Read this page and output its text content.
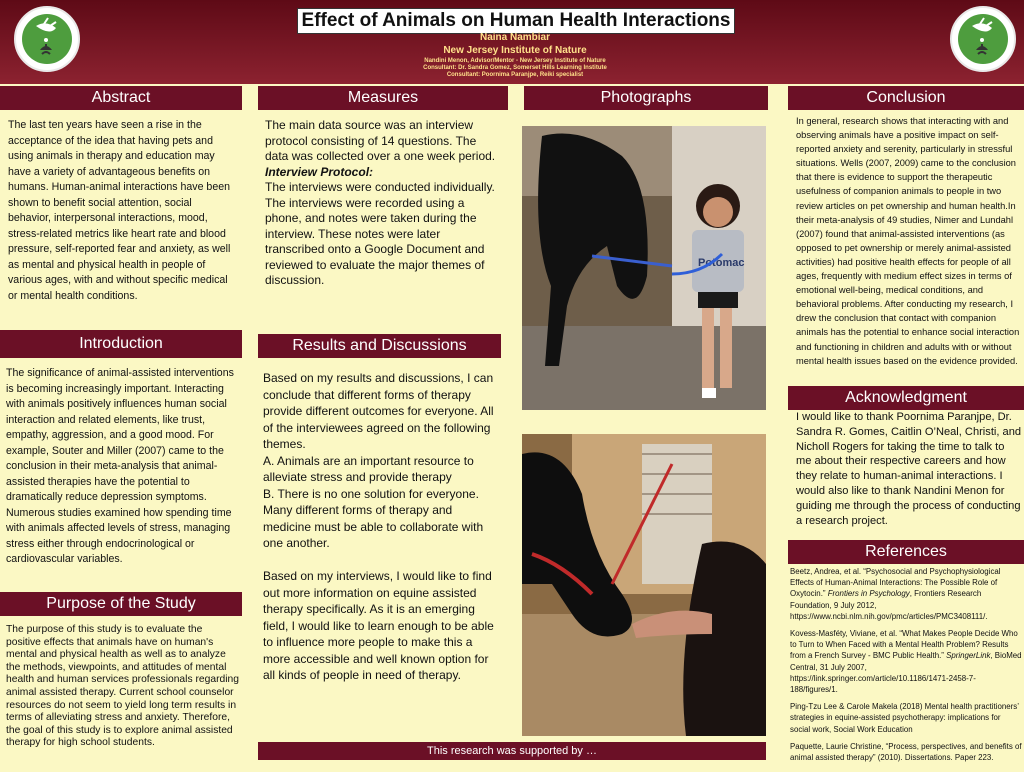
Effect of Animals on Human Health Interactions
Naina Nambiar
New Jersey Institute of Nature
Nandini Menon, Advisor/Mentor - New Jersey Institute of Nature
Consultant: Dr. Sandra Gomez, Somerset Hills Learning Institute
Consultant: Poornima Paranjpe, Reiki specialist
Abstract
The last ten years have seen a rise in the acceptance of the idea that having pets and using animals in therapy and education may have a variety of advantageous benefits on humans. Human-animal interactions have been shown to benefit social attention, social behavior, interpersonal interactions, mood, stress-related metrics like heart rate and blood pressure, self-reported fear and anxiety, as well as mental and physical health in people of various ages, with and without specific medical or mental health conditions.
Introduction
The significance of animal-assisted interventions is becoming increasingly important. Interacting with animals positively influences human social interaction and related elements, like trust, empathy, aggression, and a good mood. For example, Souter and Miller (2007) came to the conclusion in their meta-analysis that animal-assisted therapies have the potential to dramatically reduce depression symptoms. Numerous studies examined how spending time with animals affected levels of stress, managing stress either through endocrinological or cardiovascular variables.
Purpose of the Study
The purpose of this study is to evaluate the positive effects that animals have on human's mental and physical health as well as to analyze the methods, viewpoints, and attitudes of mental health and human services professionals regarding animal assisted therapy. Current school counselor resources do not seem to yield long term results in terms of alleviating stress and anxiety. Therefore, the goal of this study is to explore animal assisted therapy for high school students.
Measures
The main data source was an interview protocol consisting of 14 questions. The data was collected over a one week period.
Interview Protocol:
The interviews were conducted individually. The interviews were recorded using a phone, and notes were taken during the interview. These notes were later transcribed onto a Google Document and reviewed to evaluate the major themes of discussion.
Results and Discussions
Based on my results and discussions, I can conclude that different forms of therapy provide different outcomes for everyone. All of the interviewees agreed on the following themes.
A. Animals are an important resource to alleviate stress and provide therapy
B. There is no one solution for everyone. Many different forms of therapy and medicine must be able to collaborate with one another.

Based on my interviews, I would like to find out more information on equine assisted therapy specifically. As it is an emerging field, I would like to learn enough to be able to influence more people to make this a more accessible and well known option for all kinds of people in need of therapy.
This research was supported by …
Photographs
Potomac
Conclusion
In general, research shows that interacting with and observing animals have a positive impact on self-reported anxiety and serenity, particularly in stressful situations. Wells (2007, 2009) came to the conclusion that there is evidence to support the therapeutic usefulness of companion animals to people in two review articles on pet ownership and human health.In their meta-analysis of 49 studies, Nimer and Lundahl (2007) found that animal-assisted interventions (as opposed to pet ownership or merely animal-assisted activities) had positive health effects for people of all ages, frequently with medium effect sizes in terms of emotional well-being, medical conditions, and behavioral problems. After conducting my research, I drew the conclusion that contact with companion animals has the potential to enhance social interaction and functioning in children and adults with or without mental health issues based on the evidence provided.
Acknowledgment
I would like to thank Poornima Paranjpe, Dr. Sandra R. Gomes, Caitlin O’Neal, Christi, and Nicholl Rogers for taking the time to talk to me about their respective careers and how they relate to human-animal interactions. I would also like to thank Nandini Menon for guiding me through the process of conducting a research project.
References

Beetz, Andrea, et al. “Psychosocial and Psychophysiological Effects of Human-Animal Interactions: The Possible Role of Oxytocin.” Frontiers in Psychology, Frontiers Research Foundation, 9 July 2012, https://www.ncbi.nlm.nih.gov/pmc/articles/PMC3408111/.

Kovess-Masféty, Viviane, et al. “What Makes People Decide Who to Turn to When Faced with a Mental Health Problem? Results from a French Survey - BMC Public Health.” SpringerLink, BioMed Central, 31 July 2007, https://link.springer.com/article/10.1186/1471-2458-7-188/figures/1.

Ping-Tzu Lee & Carole Makela (2018) Mental health practitioners’ strategies in equine-assisted psychotherapy: implications for social work, Social Work Education

Paquette, Laurie Christine, “Process, perspectives, and benefits of animal assisted therapy” (2010). Dissertations. Paper 223.
